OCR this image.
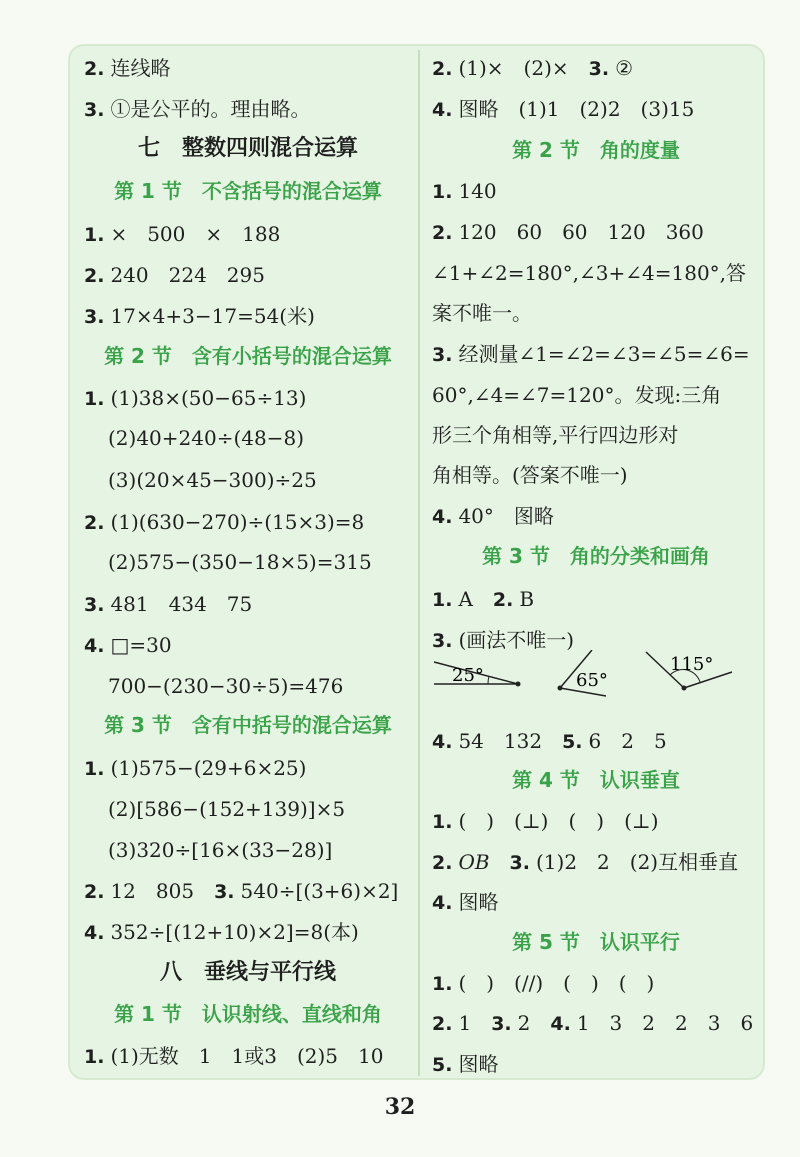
2. 连线略
3. ①是公平的。理由略。
七　整数四则混合运算
第 1 节　不含括号的混合运算
1. ×　500　×　188
2. 240　224　295
3. 17×4+3−17=54(米)
第 2 节　含有小括号的混合运算
1. (1)38×(50−65÷13)
(2)40+240÷(48−8)
(3)(20×45−300)÷25
2. (1)(630−270)÷(15×3)=8
(2)575−(350−18×5)=315
3. 481　434　75
4. □=30
700−(230−30÷5)=476
第 3 节　含有中括号的混合运算
1. (1)575−(29+6×25)
(2)[586−(152+139)]×5
(3)320÷[16×(33−28)]
2. 12　805　3. 540÷[(3+6)×2]
4. 352÷[(12+10)×2]=8(本)
八　垂线与平行线
第 1 节　认识射线、直线和角
1. (1)无数　1　1或3　(2)5　10
2. (1)×　(2)×　3. ②
4. 图略　(1)1　(2)2　(3)15
第 2 节　角的度量
1. 140
2. 120　60　60　120　360
∠1+∠2=180°,∠3+∠4=180°,答
案不唯一。
3. 经测量∠1=∠2=∠3=∠5=∠6=
60°,∠4=∠7=120°。发现:三角
形三个角相等,平行四边形对
角相等。(答案不唯一)
4. 40°　图略
第 3 节　角的分类和画角
1. A　2. B
3. (画法不唯一)
25°	65°
115°
4. 54　132　5. 6　2　5
第 4 节　认识垂直
1. (　)　(⊥)　(　)　(⊥)
2. OB　3. (1)2　2　(2)互相垂直
4. 图略
第 5 节　认识平行
1. (　)　(//)　(　)　(　)
2. 1　3. 2　4. 1　3　2　2　3　6
5. 图略
32
